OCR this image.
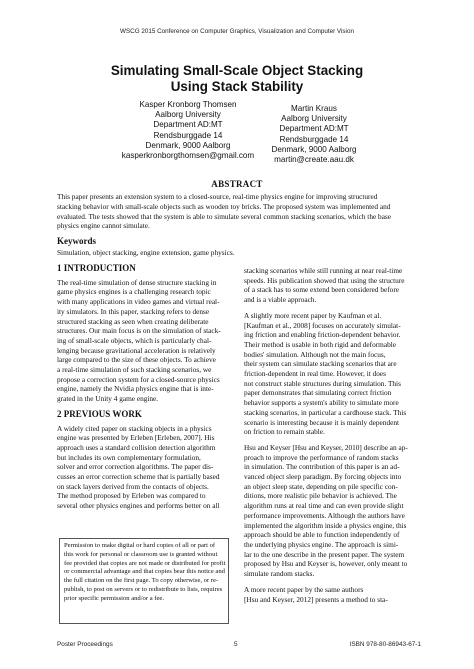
WSCG 2015 Conference on Computer Graphics, Visualization and Computer Vision
Simulating Small-Scale Object Stacking
Using Stack Stability
Kasper Kronborg Thomsen
Aalborg University
Department AD:MT
Rendsburggade 14
Denmark, 9000 Aalborg
kasperkronborgthomsen@gmail.com
Martin Kraus
Aalborg University
Department AD:MT
Rendsburggade 14
Denmark, 9000 Aalborg
martin@create.aau.dk
ABSTRACT
This paper presents an extension system to a closed-source, real-time physics engine for improving structured
stacking behavior with small-scale objects such as wooden toy bricks. The proposed system was implemented and
evaluated. The tests showed that the system is able to simulate several common stacking scenarios, which the base
physics engine cannot simulate.
Keywords
Simulation, object stacking, engine extension, game physics.
1 INTRODUCTION
The real-time simulation of dense structure stacking in
game physics engines is a challenging research topic
with many applications in video games and virtual real-
ity simulators. In this paper, stacking refers to dense
structured stacking as seen when creating deliberate
structures. Our main focus is on the simulation of stack-
ing of small-scale objects, which is particularly chal-
lenging because gravitational acceleration is relatively
large compared to the size of these objects. To achieve
a real-time simulation of such stacking scenarios, we
propose a correction system for a closed-source physics
engine, namely the Nvidia physics engine that is inte-
grated in the Unity 4 game engine.
2 PREVIOUS WORK
A widely cited paper on stacking objects in a physics
engine was presented by Erleben [Erleben, 2007]. His
approach uses a standard collision detection algorithm
but includes its own complementary formulation,
solver and error correction algorithms. The paper dis-
cusses an error correction scheme that is partially based
on stack layers derived from the contacts of objects.
The method proposed by Erleben was compared to
several other physics engines and performs better on all
Permission to make digital or hard copies of all or part of
this work for personal or classroom use is granted without
fee provided that copies are not made or distributed for profit
or commercial advantage and that copies bear this notice and
the full citation on the first page. To copy otherwise, or re-
publish, to post on servers or to redistribute to lists, requires
prior specific permission and/or a fee.
stacking scenarios while still running at near real-time
speeds. His publication showed that using the structure
of a stack has to some extend been considered before
and is a viable approach.
A slightly more recent paper by Kaufman et al.
[Kaufman et al., 2008] focuses on accurately simulat-
ing friction and enabling friction-dependent behavior.
Their method is usable in both rigid and deformable
bodies' simulation. Although not the main focus,
their system can simulate stacking scenarios that are
friction-dependent in real time. However, it does
not construct stable structures during simulation. This
paper demonstrates that simulating correct friction
behavior supports a system's ability to simulate more
stacking scenarios, in particular a cardhouse stack. This
scenario is interesting because it is mainly dependent
on friction to remain stable.
Hsu and Keyser [Hsu and Keyser, 2010] describe an ap-
proach to improve the performance of random stacks
in simulation. The contribution of this paper is an ad-
vanced object sleep paradigm. By forcing objects into
an object sleep state, depending on pile specific con-
ditions, more realistic pile behavior is achieved. The
algorithm runs at real time and can even provide slight
performance improvements. Although the authors have
implemented the algorithm inside a physics engine, this
approach should be able to function independently of
the underlying physics engine. The approach is simi-
lar to the one describe in the present paper. The system
proposed by Hsu and Keyser is, however, only meant to
simulate random stacks.
A more recent paper by the same authors
[Hsu and Keyser, 2012] presents a method to sta-
Poster Proceedings	5	ISBN 978-80-86943-67-1
